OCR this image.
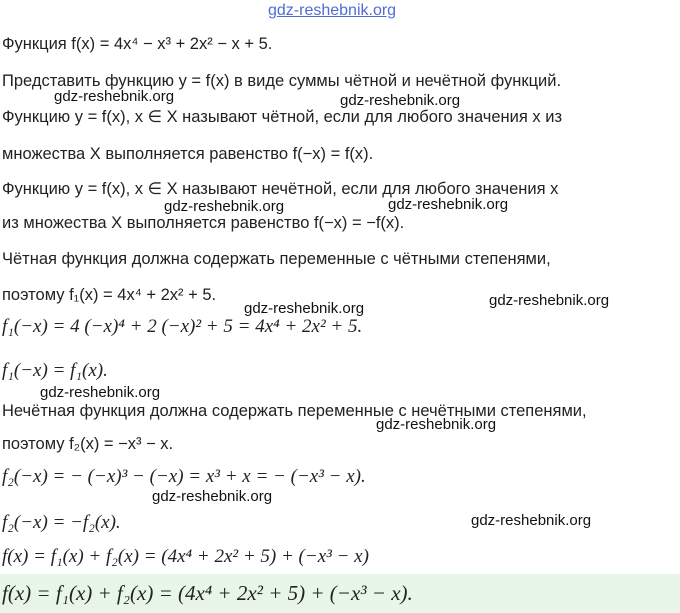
gdz-reshebnik.org
Функция f(x) = 4x⁴ − x³ + 2x² − x + 5.
Представить функцию y = f(x) в виде суммы чётной и нечётной функций.
gdz-reshebnik.org	gdz-reshebnik.org
Функцию y = f(x), x ∈ X называют чётной, если для любого значения x из
множества X выполняется равенство f(−x) = f(x).
Функцию y = f(x), x ∈ X называют нечётной, если для любого значения x
gdz-reshebnik.org	gdz-reshebnik.org
из множества X выполняется равенство f(−x) = −f(x).
Чётная функция должна содержать переменные с чётными степенями,
поэтому f₁(x) = 4x⁴ + 2x² + 5.
gdz-reshebnik.org	gdz-reshebnik.org
f₁(−x) = 4 (−x)⁴ + 2 (−x)² + 5 = 4x⁴ + 2x² + 5.
f₁(−x) = f₁(x).
gdz-reshebnik.org
Нечётная функция должна содержать переменные с нечётными степенями,
gdz-reshebnik.org
поэтому f₂(x) = −x³ − x.
f₂(−x) = − (−x)³ − (−x) = x³ + x = − (−x³ − x).
gdz-reshebnik.org
f₂(−x) = −f₂(x).	gdz-reshebnik.org
f(x) = f₁(x) + f₂(x) = (4x⁴ + 2x² + 5) + (−x³ − x)
f(x) = f₁(x) + f₂(x) = (4x⁴ + 2x² + 5) + (−x³ − x).
